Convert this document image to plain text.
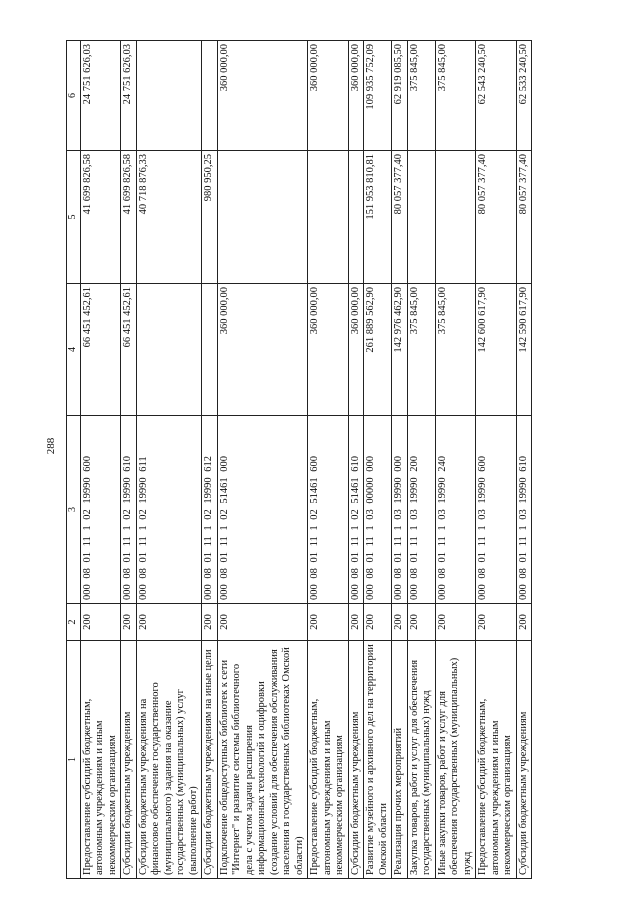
288
1	2	3	4	5	6
Предоставление субсидий бюджетным, автономным учреждениям и иным некоммерческим организациям	200	000 08 01 11 1 02 19990 600	66 451 452,61	41 699 826,58	24 751 626,03
Субсидии бюджетным учреждениям	200	000 08 01 11 1 02 19990 610	66 451 452,61	41 699 826,58	24 751 626,03
Субсидии бюджетным учреждениям на финансовое обеспечение государственного (муниципального) задания на оказание государственных (муниципальных) услуг (выполнение работ)	200	000 08 01 11 1 02 19990 611		40 718 876,33	
Субсидии бюджетным учреждениям на иные цели	200	000 08 01 11 1 02 19990 612		980 950,25	
Подключение общедоступных библиотек к сети "Интернет" и развитие системы библиотечного дела с учетом задачи расширения информационных технологий и оцифровки (создание условий для обеспечения обслуживания населения в государственных библиотеках Омской области)	200	000 08 01 11 1 02 51461 000	360 000,00		360 000,00
Предоставление субсидий бюджетным, автономным учреждениям и иным некоммерческим организациям	200	000 08 01 11 1 02 51461 600	360 000,00		360 000,00
Субсидии бюджетным учреждениям	200	000 08 01 11 1 02 51461 610	360 000,00		360 000,00
Развитие музейного и архивного дел на территории Омской области	200	000 08 01 11 1 03 00000 000	261 889 562,90	151 953 810,81	109 935 752,09
Реализация прочих мероприятий	200	000 08 01 11 1 03 19990 000	142 976 462,90	80 057 377,40	62 919 085,50
Закупка товаров, работ и услуг для обеспечения государственных (муниципальных) нужд	200	000 08 01 11 1 03 19990 200	375 845,00		375 845,00
Иные закупки товаров, работ и услуг для обеспечения государственных (муниципальных) нужд	200	000 08 01 11 1 03 19990 240	375 845,00		375 845,00
Предоставление субсидий бюджетным, автономным учреждениям и иным некоммерческим организациям	200	000 08 01 11 1 03 19990 600	142 600 617,90	80 057 377,40	62 543 240,50
Субсидии бюджетным учреждениям	200	000 08 01 11 1 03 19990 610	142 590 617,90	80 057 377,40	62 533 240,50
